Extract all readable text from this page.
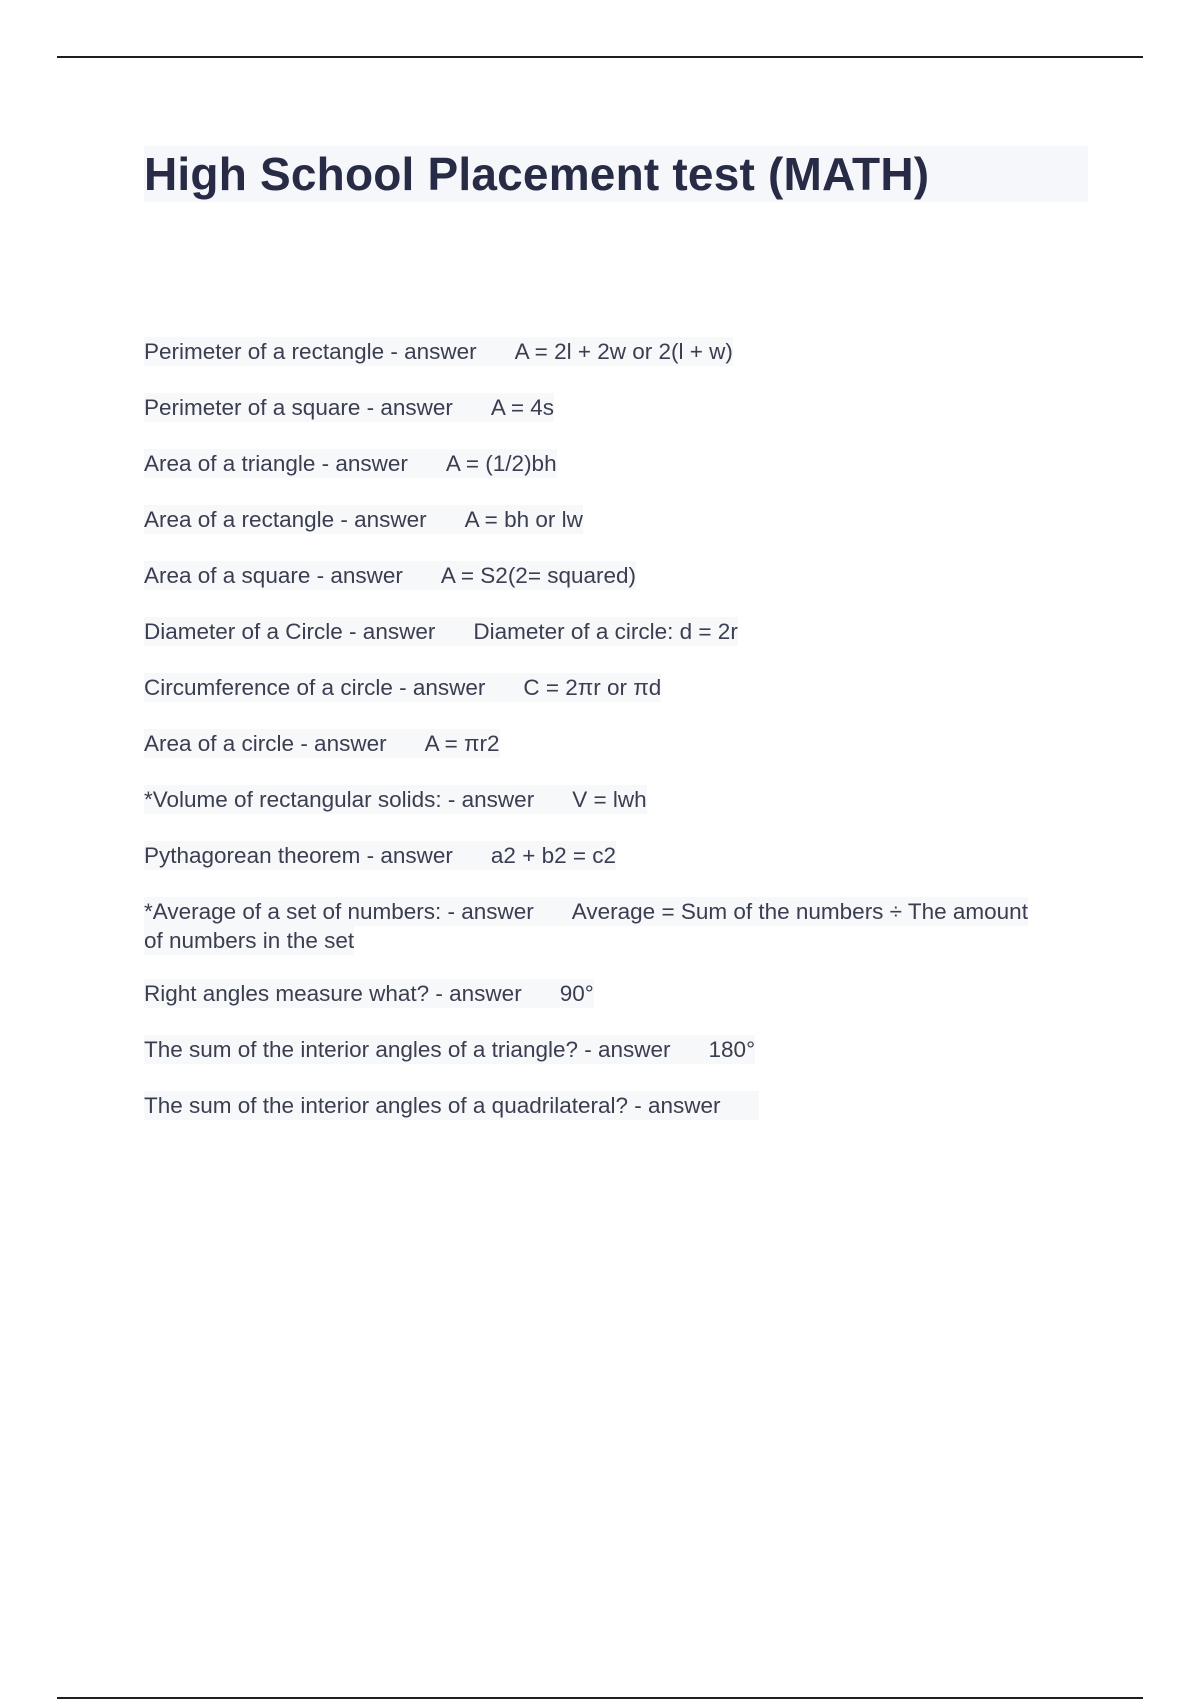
High School Placement test (MATH)
Perimeter of a rectangle - answer A = 2l + 2w or 2(l + w)
Perimeter of a square - answer A = 4s
Area of a triangle - answer A = (1/2)bh
Area of a rectangle - answer A = bh or lw
Area of a square - answer A = S2(2= squared)
Diameter of a Circle - answer Diameter of a circle: d = 2r
Circumference of a circle - answer C = 2πr or πd
Area of a circle - answer A = πr2
*Volume of rectangular solids: - answer V = lwh
Pythagorean theorem - answer a2 + b2 = c2
*Average of a set of numbers: - answer Average = Sum of the numbers ÷ The amount of numbers in the set
Right angles measure what? - answer 90°
The sum of the interior angles of a triangle? - answer 180°
The sum of the interior angles of a quadrilateral? - answer
